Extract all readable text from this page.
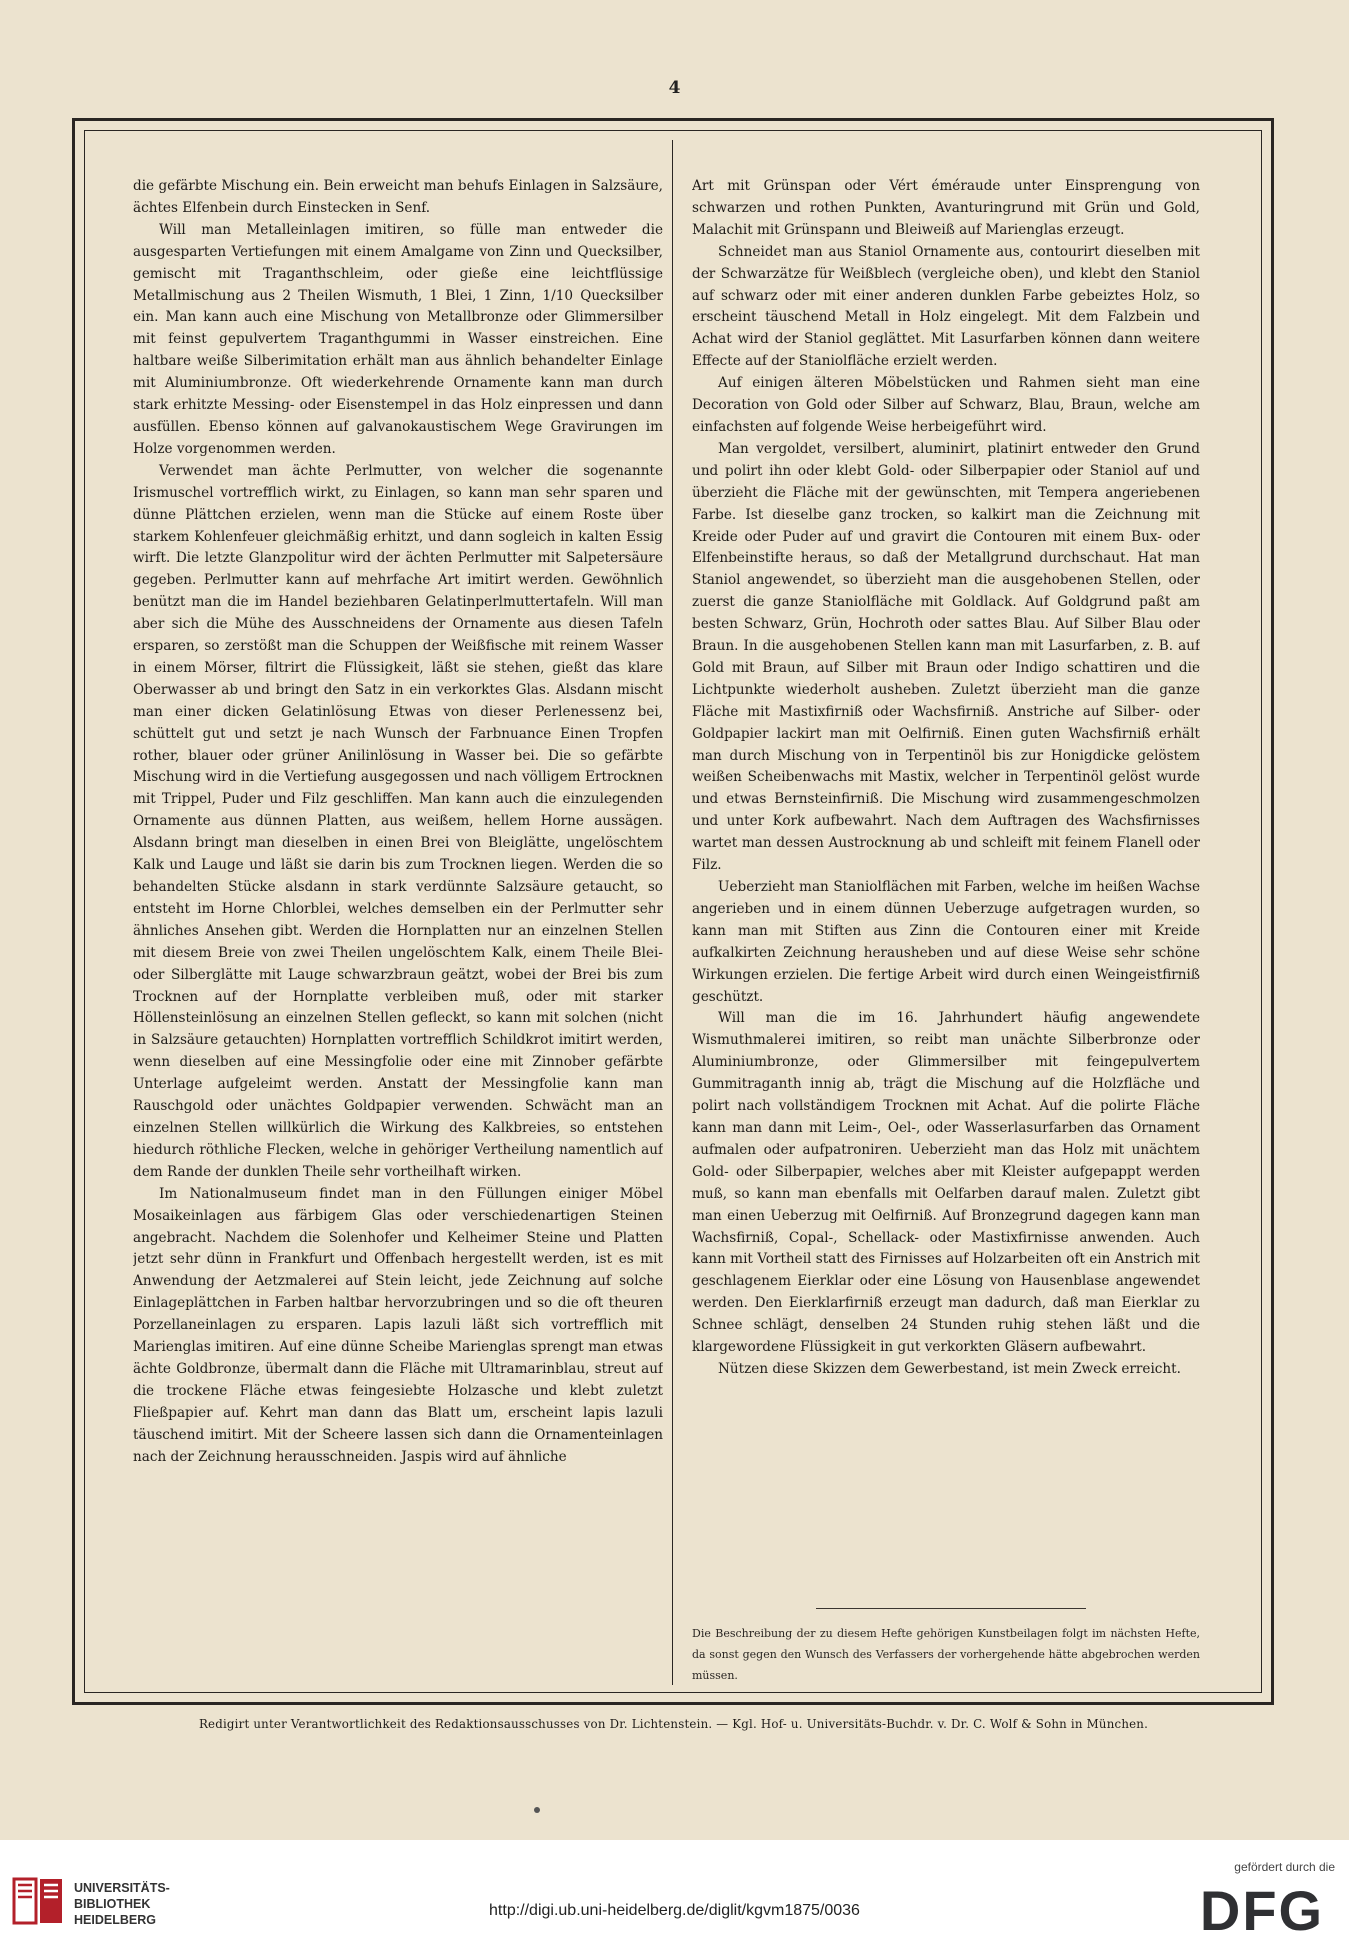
4

die gefärbte Mischung ein. Bein erweicht man behufs Einlagen in Salzsäure, ächtes Elfenbein durch Einstecken in Senf.

Will man Metalleinlagen imitiren, so fülle man entweder die ausgesparten Vertiefungen mit einem Amalgame von Zinn und Quecksilber, gemischt mit Traganthschleim, oder gieße eine leichtflüssige Metallmischung aus 2 Theilen Wismuth, 1 Blei, 1 Zinn, 1/10 Quecksilber ein. Man kann auch eine Mischung von Metallbronze oder Glimmersilber mit feinst gepulvertem Traganthgummi in Wasser einstreichen. Eine haltbare weiße Silberimitation erhält man aus ähnlich behandelter Einlage mit Aluminiumbronze. Oft wiederkehrende Ornamente kann man durch stark erhitzte Messing- oder Eisenstempel in das Holz einpressen und dann ausfüllen. Ebenso können auf galvanokaustischem Wege Gravirungen im Holze vorgenommen werden.

Verwendet man ächte Perlmutter, von welcher die sogenannte Irismuschel vortrefflich wirkt, zu Einlagen, so kann man sehr sparen und dünne Plättchen erzielen, wenn man die Stücke auf einem Roste über starkem Kohlenfeuer gleichmäßig erhitzt, und dann sogleich in kalten Essig wirft. Die letzte Glanzpolitur wird der ächten Perlmutter mit Salpetersäure gegeben. Perlmutter kann auf mehrfache Art imitirt werden. Gewöhnlich benützt man die im Handel beziehbaren Gelatinperlmuttertafeln. Will man aber sich die Mühe des Ausschneidens der Ornamente aus diesen Tafeln ersparen, so zerstößt man die Schuppen der Weißfische mit reinem Wasser in einem Mörser, filtrirt die Flüssigkeit, läßt sie stehen, gießt das klare Oberwasser ab und bringt den Satz in ein verkorktes Glas. Alsdann mischt man einer dicken Gelatinlösung Etwas von dieser Perlenessenz bei, schüttelt gut und setzt je nach Wunsch der Farbnuance Einen Tropfen rother, blauer oder grüner Anilinlösung in Wasser bei. Die so gefärbte Mischung wird in die Vertiefung ausgegossen und nach völligem Ertrocknen mit Trippel, Puder und Filz geschliffen. Man kann auch die einzulegenden Ornamente aus dünnen Platten, aus weißem, hellem Horne aussägen. Alsdann bringt man dieselben in einen Brei von Bleiglätte, ungelöschtem Kalk und Lauge und läßt sie darin bis zum Trocknen liegen. Werden die so behandelten Stücke alsdann in stark verdünnte Salzsäure getaucht, so entsteht im Horne Chlorblei, welches demselben ein der Perlmutter sehr ähnliches Ansehen gibt. Werden die Hornplatten nur an einzelnen Stellen mit diesem Breie von zwei Theilen ungelöschtem Kalk, einem Theile Blei- oder Silberglätte mit Lauge schwarzbraun geätzt, wobei der Brei bis zum Trocknen auf der Hornplatte verbleiben muß, oder mit starker Höllensteinlösung an einzelnen Stellen gefleckt, so kann mit solchen (nicht in Salzsäure getauchten) Hornplatten vortrefflich Schildkrot imitirt werden, wenn dieselben auf eine Messingfolie oder eine mit Zinnober gefärbte Unterlage aufgeleimt werden. Anstatt der Messingfolie kann man Rauschgold oder unächtes Goldpapier verwenden. Schwächt man an einzelnen Stellen willkürlich die Wirkung des Kalkbreies, so entstehen hiedurch röthliche Flecken, welche in gehöriger Vertheilung namentlich auf dem Rande der dunklen Theile sehr vortheilhaft wirken.

Im Nationalmuseum findet man in den Füllungen einiger Möbel Mosaikeinlagen aus färbigem Glas oder verschiedenartigen Steinen angebracht. Nachdem die Solenhofer und Kelheimer Steine und Platten jetzt sehr dünn in Frankfurt und Offenbach hergestellt werden, ist es mit Anwendung der Aetzmalerei auf Stein leicht, jede Zeichnung auf solche Einlageplättchen in Farben haltbar hervorzubringen und so die oft theuren Porzellaneinlagen zu ersparen. Lapis lazuli läßt sich vortrefflich mit Marienglas imitiren. Auf eine dünne Scheibe Marienglas sprengt man etwas ächte Goldbronze, übermalt dann die Fläche mit Ultramarinblau, streut auf die trockene Fläche etwas feingesiebte Holzasche und klebt zuletzt Fließpapier auf. Kehrt man dann das Blatt um, erscheint lapis lazuli täuschend imitirt. Mit der Scheere lassen sich dann die Ornamenteinlagen nach der Zeichnung herausschneiden. Jaspis wird auf ähnliche

Art mit Grünspan oder Vért éméraude unter Einsprengung von schwarzen und rothen Punkten, Avanturingrund mit Grün und Gold, Malachit mit Grünspann und Bleiweiß auf Marienglas erzeugt.

Schneidet man aus Staniol Ornamente aus, contourirt dieselben mit der Schwarzätze für Weißblech (vergleiche oben), und klebt den Staniol auf schwarz oder mit einer anderen dunklen Farbe gebeiztes Holz, so erscheint täuschend Metall in Holz eingelegt. Mit dem Falzbein und Achat wird der Staniol geglättet. Mit Lasurfarben können dann weitere Effecte auf der Staniolfläche erzielt werden.

Auf einigen älteren Möbelstücken und Rahmen sieht man eine Decoration von Gold oder Silber auf Schwarz, Blau, Braun, welche am einfachsten auf folgende Weise herbeigeführt wird.

Man vergoldet, versilbert, aluminirt, platinirt entweder den Grund und polirt ihn oder klebt Gold- oder Silberpapier oder Staniol auf und überzieht die Fläche mit der gewünschten, mit Tempera angeriebenen Farbe. Ist dieselbe ganz trocken, so kalkirt man die Zeichnung mit Kreide oder Puder auf und gravirt die Contouren mit einem Bux- oder Elfenbeinstifte heraus, so daß der Metallgrund durchschaut. Hat man Staniol angewendet, so überzieht man die ausgehobenen Stellen, oder zuerst die ganze Staniolfläche mit Goldlack. Auf Goldgrund paßt am besten Schwarz, Grün, Hochroth oder sattes Blau. Auf Silber Blau oder Braun. In die ausgehobenen Stellen kann man mit Lasurfarben, z. B. auf Gold mit Braun, auf Silber mit Braun oder Indigo schattiren und die Lichtpunkte wiederholt ausheben. Zuletzt überzieht man die ganze Fläche mit Mastixfirniß oder Wachsfirniß. Anstriche auf Silber- oder Goldpapier lackirt man mit Oelfirniß. Einen guten Wachsfirniß erhält man durch Mischung von in Terpentinöl bis zur Honigdicke gelöstem weißen Scheibenwachs mit Mastix, welcher in Terpentinöl gelöst wurde und etwas Bernsteinfirniß. Die Mischung wird zusammengeschmolzen und unter Kork aufbewahrt. Nach dem Auftragen des Wachsfirnisses wartet man dessen Austrocknung ab und schleift mit feinem Flanell oder Filz.

Ueberzieht man Staniolflächen mit Farben, welche im heißen Wachse angerieben und in einem dünnen Ueberzuge aufgetragen wurden, so kann man mit Stiften aus Zinn die Contouren einer mit Kreide aufkalkirten Zeichnung herausheben und auf diese Weise sehr schöne Wirkungen erzielen. Die fertige Arbeit wird durch einen Weingeistfirniß geschützt.

Will man die im 16. Jahrhundert häufig angewendete Wismuthmalerei imitiren, so reibt man unächte Silberbronze oder Aluminiumbronze, oder Glimmersilber mit feingepulvertem Gummitraganth innig ab, trägt die Mischung auf die Holzfläche und polirt nach vollständigem Trocknen mit Achat. Auf die polirte Fläche kann man dann mit Leim-, Oel-, oder Wasserlasurfarben das Ornament aufmalen oder aufpatroniren. Ueberzieht man das Holz mit unächtem Gold- oder Silberpapier, welches aber mit Kleister aufgepappt werden muß, so kann man ebenfalls mit Oelfarben darauf malen. Zuletzt gibt man einen Ueberzug mit Oelfirniß. Auf Bronzegrund dagegen kann man Wachsfirniß, Copal-, Schellack- oder Mastixfirnisse anwenden. Auch kann mit Vortheil statt des Firnisses auf Holzarbeiten oft ein Anstrich mit geschlagenem Eierklar oder eine Lösung von Hausenblase angewendet werden. Den Eierklarfirniß erzeugt man dadurch, daß man Eierklar zu Schnee schlägt, denselben 24 Stunden ruhig stehen läßt und die klargewordene Flüssigkeit in gut verkorkten Gläsern aufbewahrt.

Nützen diese Skizzen dem Gewerbestand, ist mein Zweck erreicht.

Die Beschreibung der zu diesem Hefte gehörigen Kunstbeilagen folgt im nächsten Hefte, da sonst gegen den Wunsch des Verfassers der vorhergehende hätte abgebrochen werden müssen.
Redigirt unter Verantwortlichkeit des Redaktionsausschusses von Dr. Lichtenstein. — Kgl. Hof- u. Universitäts-Buchdr. v. Dr. C. Wolf & Sohn in München.
UNIVERSITÄTS-
BIBLIOTHEK
HEIDELBERG
http://digi.ub.uni-heidelberg.de/diglit/kgvm1875/0036
gefördert durch die
DFG
